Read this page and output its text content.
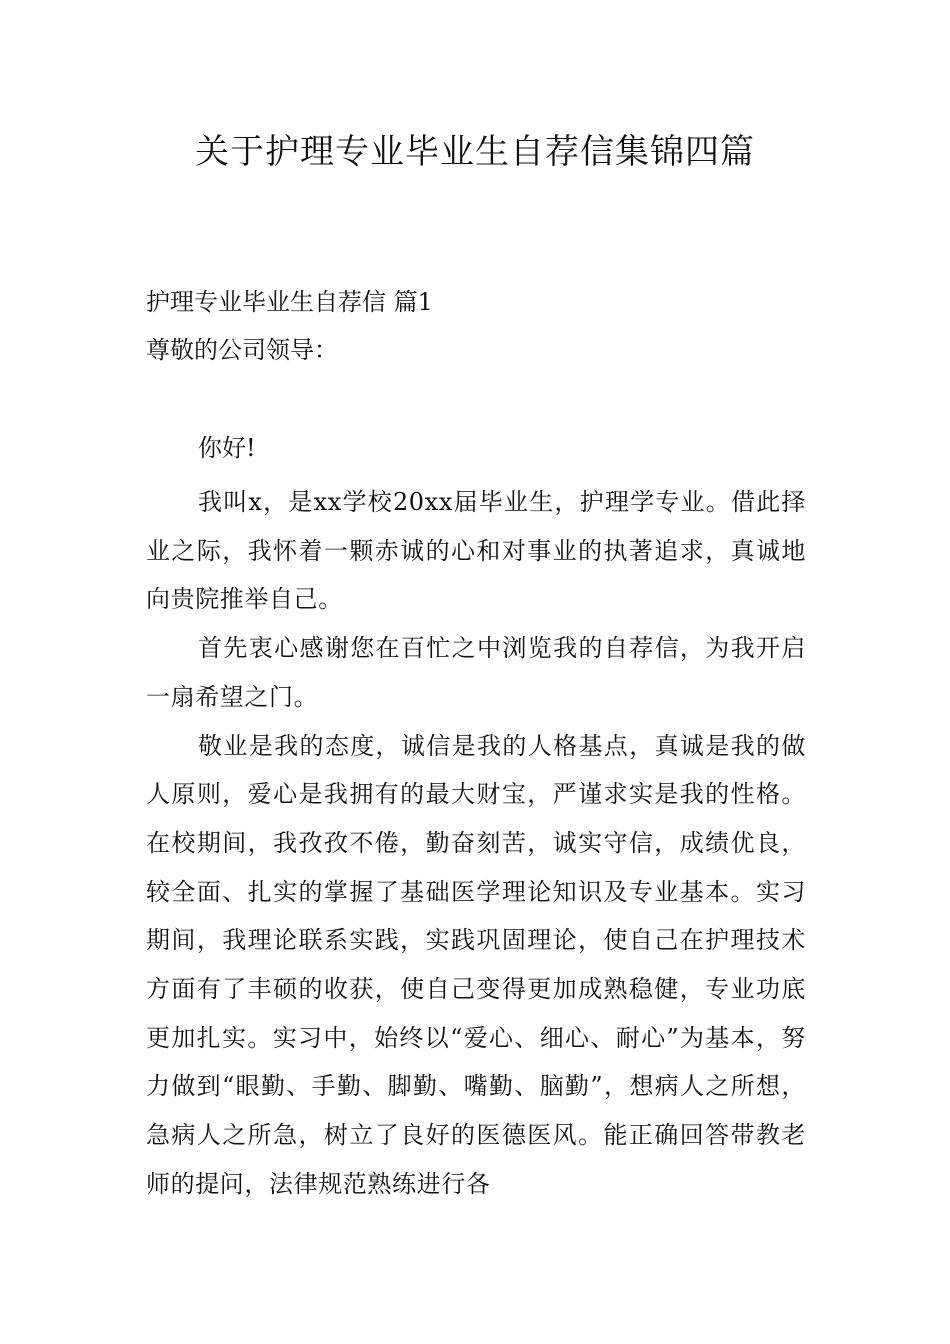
关于护理专业毕业生自荐信集锦四篇

护理专业毕业生自荐信 篇1

尊敬的公司领导：

你好!

我叫x，是xx学校20xx届毕业生，护理学专业。借此择业之际，我怀着一颗赤诚的心和对事业的执著追求，真诚地向贵院推举自己。

首先衷心感谢您在百忙之中浏览我的自荐信，为我开启一扇希望之门。

敬业是我的态度，诚信是我的人格基点，真诚是我的做人原则，爱心是我拥有的最大财宝，严谨求实是我的性格。在校期间，我孜孜不倦，勤奋刻苦，诚实守信，成绩优良，较全面、扎实的掌握了基础医学理论知识及专业基本。实习期间，我理论联系实践，实践巩固理论，使自己在护理技术方面有了丰硕的收获，使自己变得更加成熟稳健，专业功底更加扎实。实习中，始终以“爱心、细心、耐心”为基本，努力做到“眼勤、手勤、脚勤、嘴勤、脑勤”，想病人之所想，急病人之所急，树立了良好的医德医风。能正确回答带教老师的提问，法律规范熟练进行各
